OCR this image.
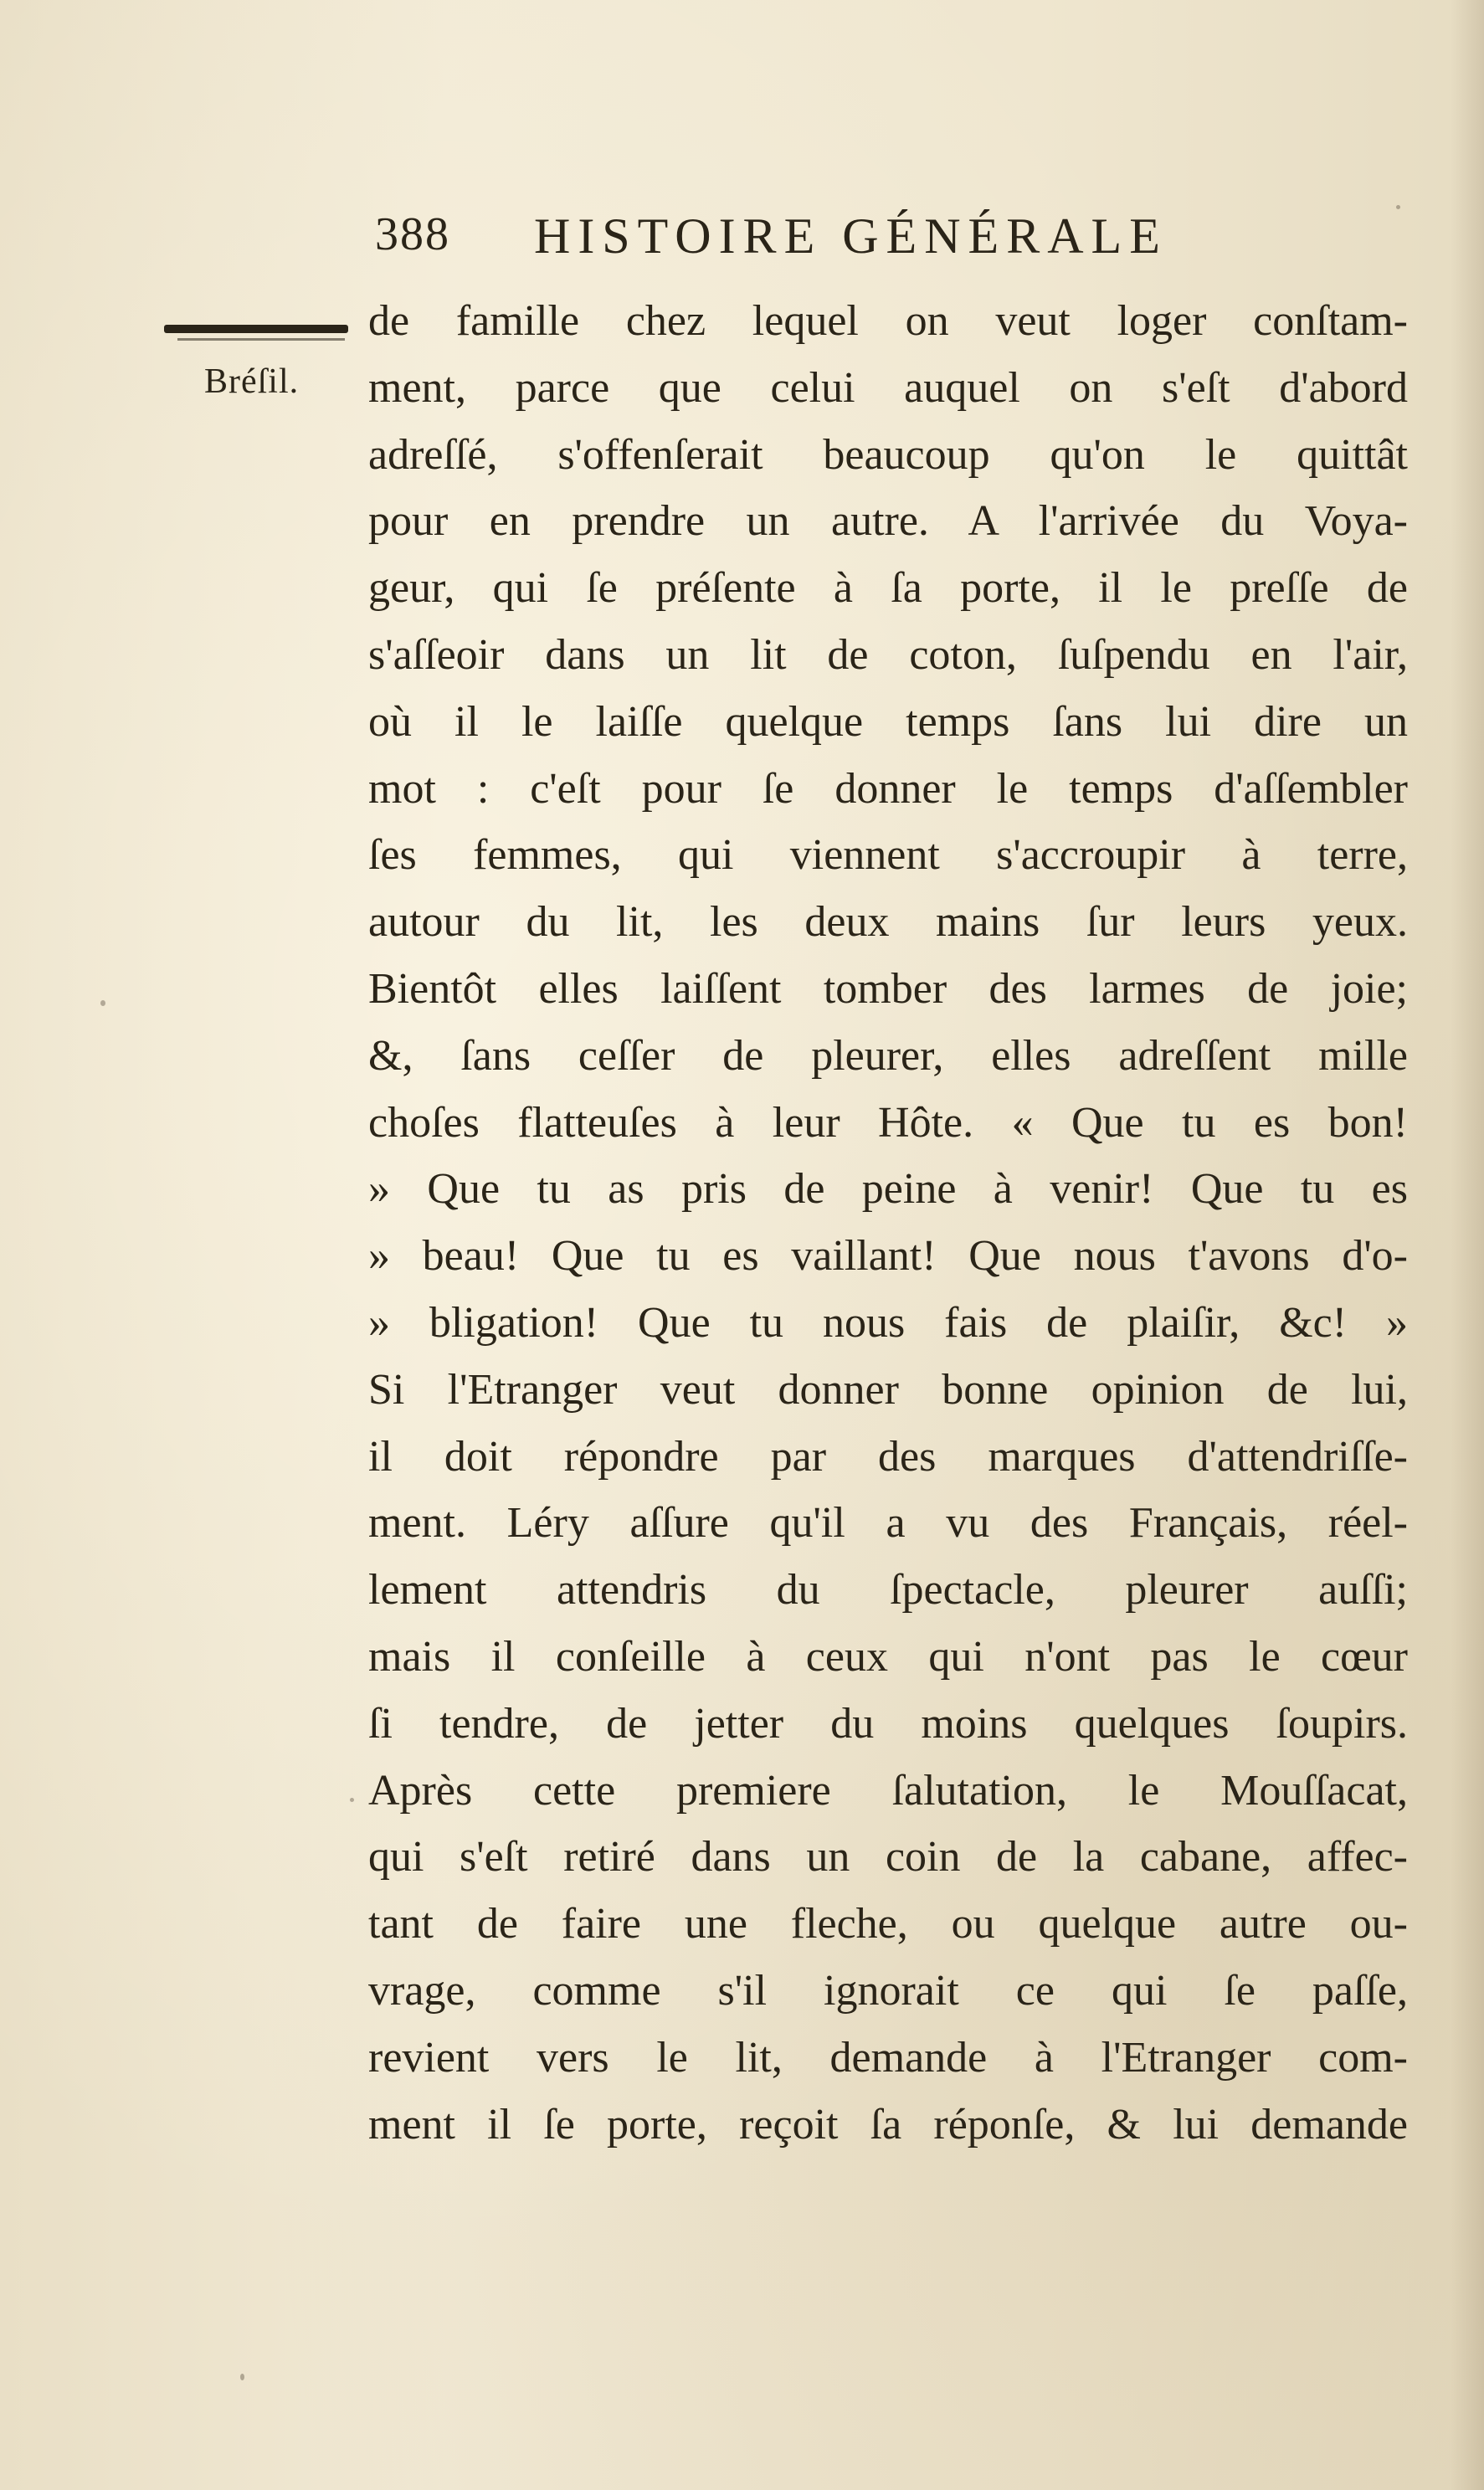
388 HISTOIRE GÉNÉRALE
Bréſil.
de famille chez lequel on veut loger conſtam-
ment, parce que celui auquel on s'eſt d'abord
adreſſé, s'offenſerait beaucoup qu'on le quittât
pour en prendre un autre. A l'arrivée du Voya-
geur, qui ſe préſente à ſa porte, il le preſſe de
s'aſſeoir dans un lit de coton, ſuſpendu en l'air,
où il le laiſſe quelque temps ſans lui dire un
mot : c'eſt pour ſe donner le temps d'aſſembler
ſes femmes, qui viennent s'accroupir à terre,
autour du lit, les deux mains ſur leurs yeux.
Bientôt elles laiſſent tomber des larmes de joie;
&, ſans ceſſer de pleurer, elles adreſſent mille
choſes flatteuſes à leur Hôte. « Que tu es bon!
» Que tu as pris de peine à venir! Que tu es
» beau! Que tu es vaillant! Que nous t'avons d'o-
» bligation! Que tu nous fais de plaiſir, &c! »
Si l'Etranger veut donner bonne opinion de lui,
il doit répondre par des marques d'attendriſſe-
ment. Léry aſſure qu'il a vu des Français, réel-
lement attendris du ſpectacle, pleurer auſſi;
mais il conſeille à ceux qui n'ont pas le cœur
ſi tendre, de jetter du moins quelques ſoupirs.
Après cette premiere ſalutation, le Mouſſacat,
qui s'eſt retiré dans un coin de la cabane, affec-
tant de faire une fleche, ou quelque autre ou-
vrage, comme s'il ignorait ce qui ſe paſſe,
revient vers le lit, demande à l'Etranger com-
ment il ſe porte, reçoit ſa réponſe, & lui demande
